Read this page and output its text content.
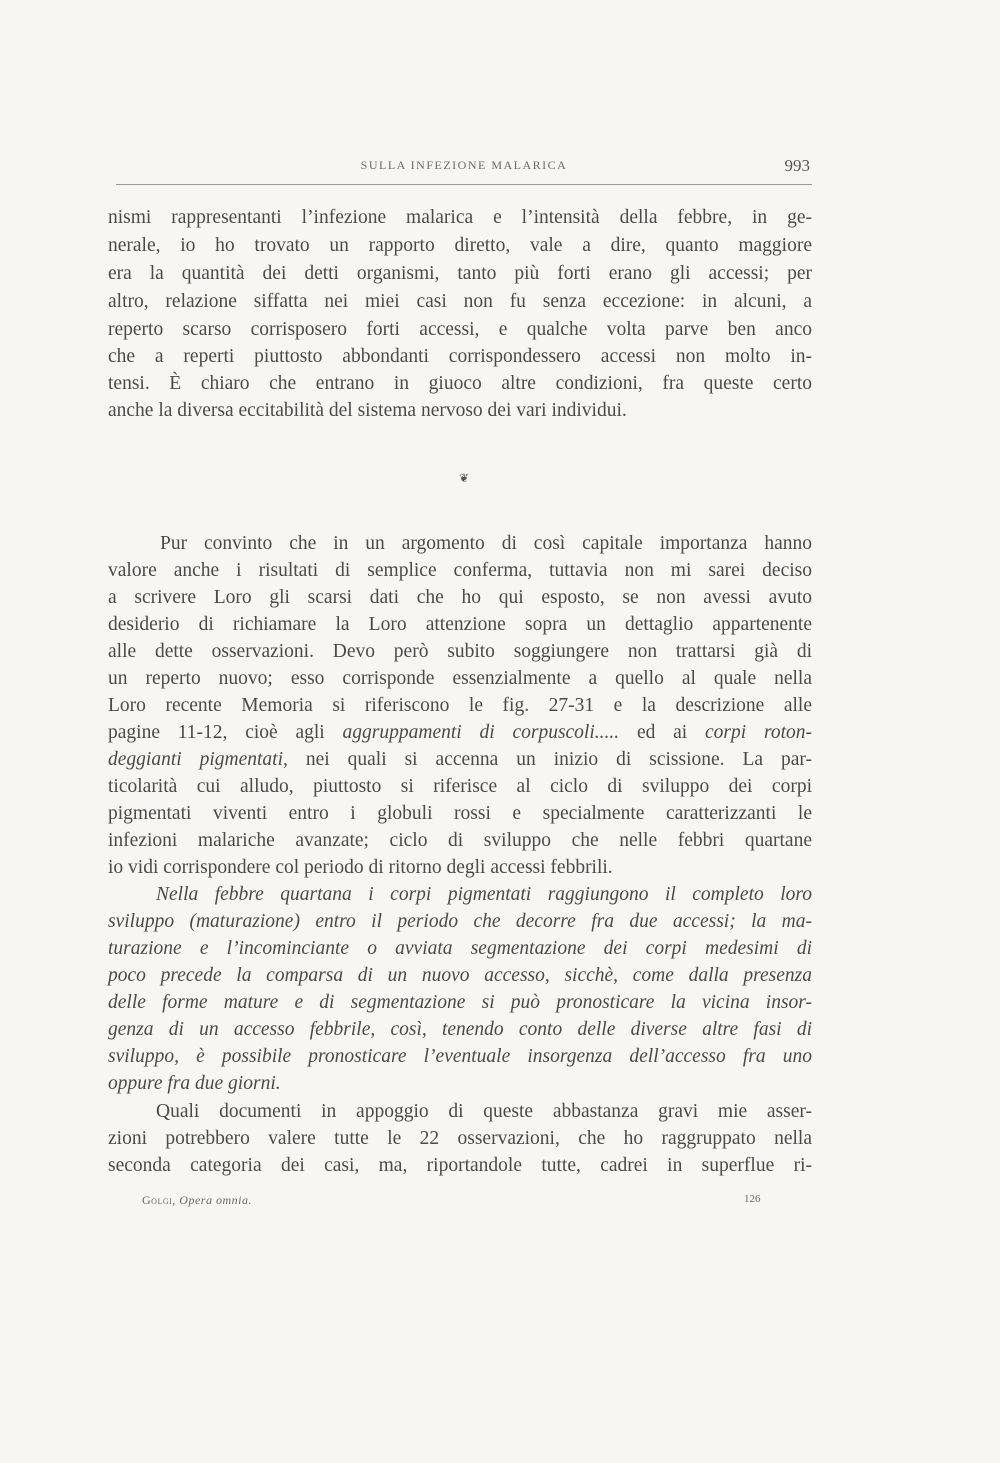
SULLA INFEZIONE MALARICA	993

nismi rappresentanti l’infezione malarica e l’intensità della febbre, in ge-

nerale, io ho trovato un rapporto diretto, vale a dire, quanto maggiore

era la quantità dei detti organismi, tanto più forti erano gli accessi; per

altro, relazione siffatta nei miei casi non fu senza eccezione: in alcuni, a

reperto scarso corrisposero forti accessi, e qualche volta parve ben anco

che a reperti piuttosto abbondanti corrispondessero accessi non molto in-

tensi. È chiaro che entrano in giuoco altre condizioni, fra queste certo

anche la diversa eccitabilità del sistema nervoso dei vari individui.

❦

Pur convinto che in un argomento di così capitale importanza hanno

valore anche i risultati di semplice conferma, tuttavia non mi sarei deciso

a scrivere Loro gli scarsi dati che ho qui esposto, se non avessi avuto

desiderio di richiamare la Loro attenzione sopra un dettaglio appartenente

alle dette osservazioni. Devo però subito soggiungere non trattarsi già di

un reperto nuovo; esso corrisponde essenzialmente a quello al quale nella

Loro recente Memoria si riferiscono le fig. 27-31 e la descrizione alle

pagine 11-12, cioè agli aggruppamenti di corpuscoli..... ed ai corpi roton-

deggianti pigmentati, nei quali si accenna un inizio di scissione. La par-

ticolarità cui alludo, piuttosto si riferisce al ciclo di sviluppo dei corpi

pigmentati viventi entro i globuli rossi e specialmente caratterizzanti le

infezioni malariche avanzate; ciclo di sviluppo che nelle febbri quartane

io vidi corrispondere col periodo di ritorno degli accessi febbrili.

Nella febbre quartana i corpi pigmentati raggiungono il completo loro

sviluppo (maturazione) entro il periodo che decorre fra due accessi; la ma-

turazione e l’incominciante o avviata segmentazione dei corpi medesimi di

poco precede la comparsa di un nuovo accesso, sicchè, come dalla presenza

delle forme mature e di segmentazione si può pronosticare la vicina insor-

genza di un accesso febbrile, così, tenendo conto delle diverse altre fasi di

sviluppo, è possibile pronosticare l’eventuale insorgenza dell’accesso fra uno

oppure fra due giorni.

Quali documenti in appoggio di queste abbastanza gravi mie asser-

zioni potrebbero valere tutte le 22 osservazioni, che ho raggruppato nella

seconda categoria dei casi, ma, riportandole tutte, cadrei in superflue ri-

Golgi, Opera omnia.	126
